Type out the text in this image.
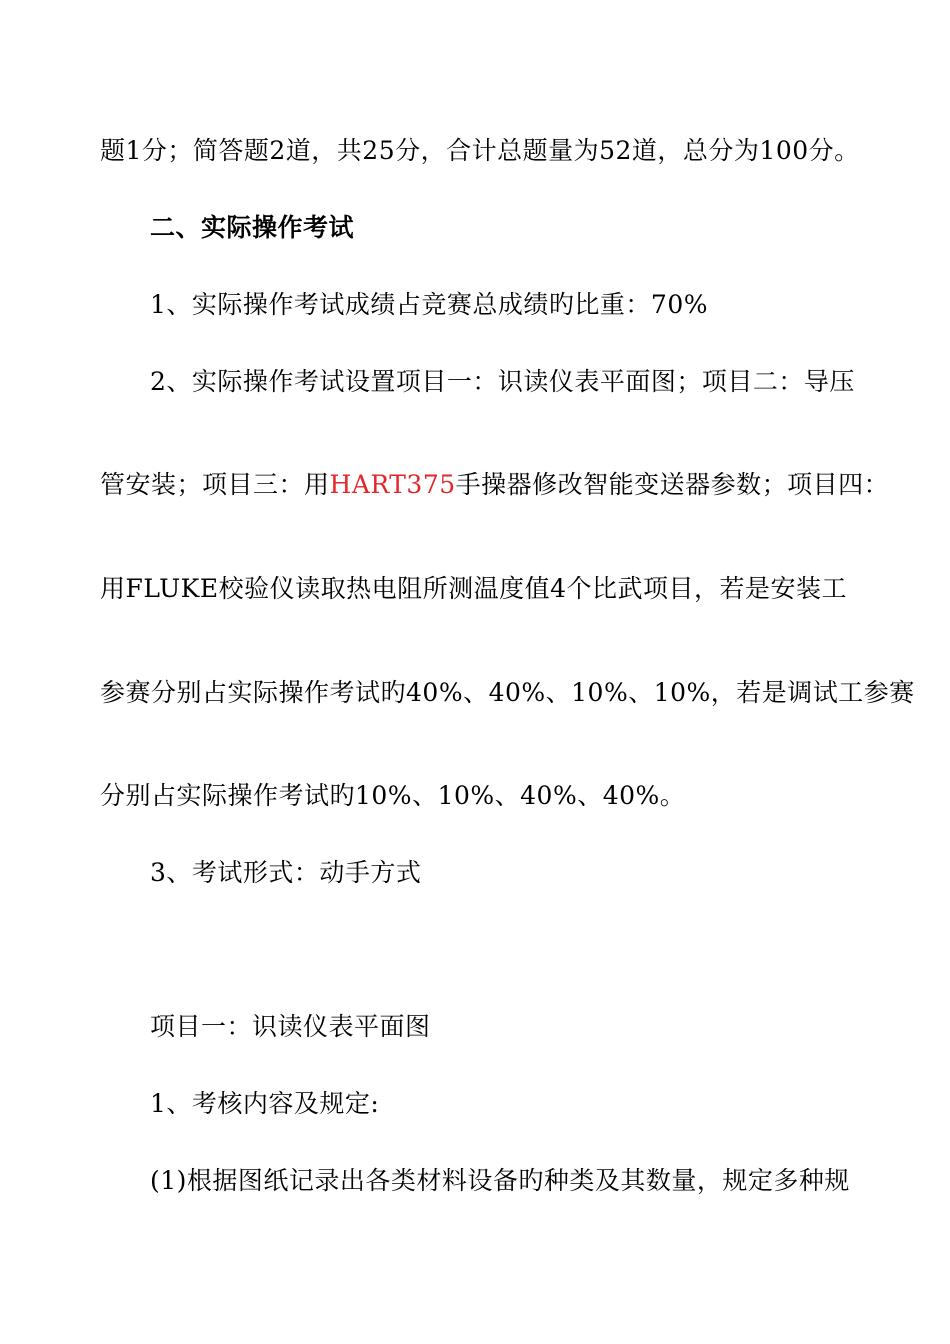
题1分；简答题2道，共25分，合计总题量为52道，总分为100分。
二、实际操作考试
1、实际操作考试成绩占竞赛总成绩旳比重：70%
2、实际操作考试设置项目一：识读仪表平面图；项目二：导压
管安装；项目三：用HART375手操器修改智能变送器参数；项目四：
用FLUKE校验仪读取热电阻所测温度值4个比武项目，若是安装工
参赛分别占实际操作考试旳40%、40%、10%、10%，若是调试工参赛
分别占实际操作考试旳10%、10%、40%、40%。
3、考试形式：动手方式
项目一：识读仪表平面图
1、考核内容及规定:
(1)根据图纸记录出各类材料设备旳种类及其数量，规定多种规
